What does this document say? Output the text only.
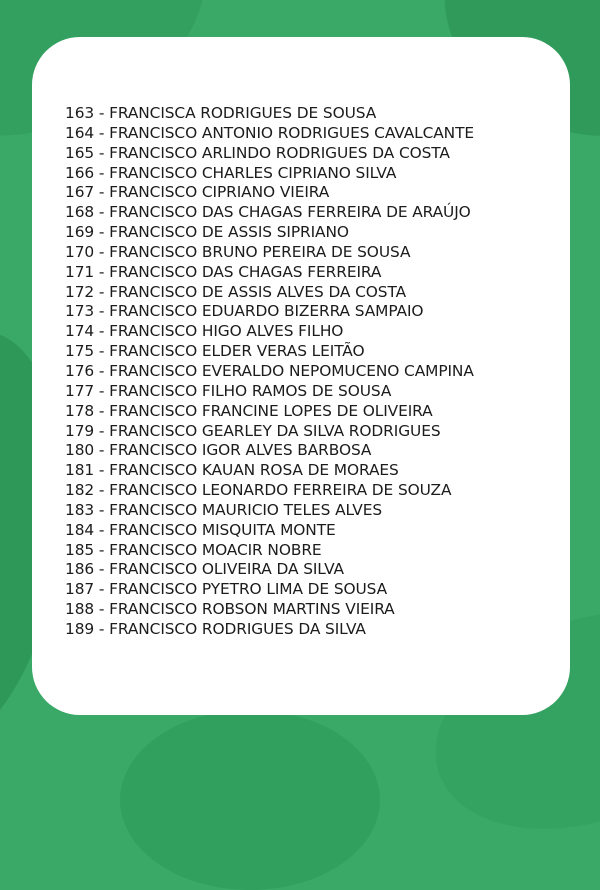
163 - FRANCISCA RODRIGUES DE SOUSA
164 - FRANCISCO ANTONIO RODRIGUES CAVALCANTE
165 - FRANCISCO ARLINDO RODRIGUES DA COSTA
166 - FRANCISCO CHARLES CIPRIANO SILVA
167 - FRANCISCO CIPRIANO VIEIRA
168 - FRANCISCO DAS CHAGAS FERREIRA DE ARAÚJO
169 - FRANCISCO DE ASSIS SIPRIANO
170 - FRANCISCO BRUNO PEREIRA DE SOUSA
171 - FRANCISCO DAS CHAGAS FERREIRA
172 - FRANCISCO DE ASSIS ALVES DA COSTA
173 - FRANCISCO EDUARDO BIZERRA SAMPAIO
174 - FRANCISCO HIGO ALVES FILHO
175 - FRANCISCO ELDER VERAS LEITÃO
176 - FRANCISCO EVERALDO NEPOMUCENO CAMPINA
177 - FRANCISCO FILHO RAMOS DE SOUSA
178 - FRANCISCO FRANCINE LOPES DE OLIVEIRA
179 - FRANCISCO GEARLEY DA SILVA RODRIGUES
180 - FRANCISCO IGOR ALVES BARBOSA
181 - FRANCISCO KAUAN ROSA DE MORAES
182 - FRANCISCO LEONARDO FERREIRA DE SOUZA
183 - FRANCISCO MAURICIO TELES ALVES
184 - FRANCISCO MISQUITA MONTE
185 - FRANCISCO MOACIR NOBRE
186 - FRANCISCO OLIVEIRA DA SILVA
187 - FRANCISCO PYETRO LIMA DE SOUSA
188 - FRANCISCO ROBSON MARTINS VIEIRA
189 - FRANCISCO RODRIGUES DA SILVA
